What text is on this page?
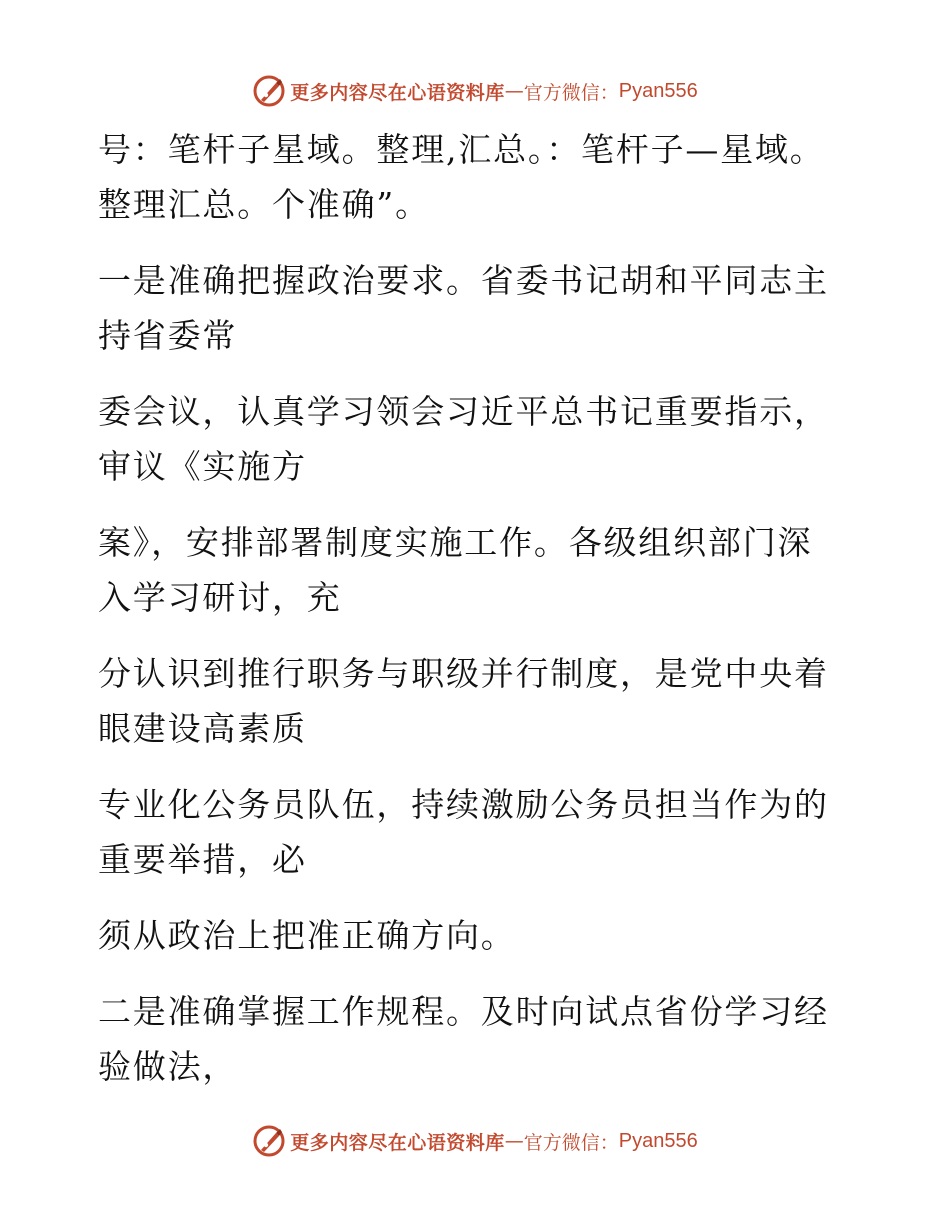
更多内容尽在心语资料库 — 官方微信： Pyan556

号：笔杆子星域。整理,汇总。：笔杆子—星域。
整理汇总。个准确”。

一是准确把握政治要求。省委书记胡和平同志主
持省委常

委会议，认真学习领会习近平总书记重要指示，
审议《实施方

案》，安排部署制度实施工作。各级组织部门深
入学习研讨，充

分认识到推行职务与职级并行制度，是党中央着
眼建设高素质

专业化公务员队伍，持续激励公务员担当作为的
重要举措，必

须从政治上把准正确方向。

二是准确掌握工作规程。及时向试点省份学习经
验做法，

更多内容尽在心语资料库 — 官方微信： Pyan556
